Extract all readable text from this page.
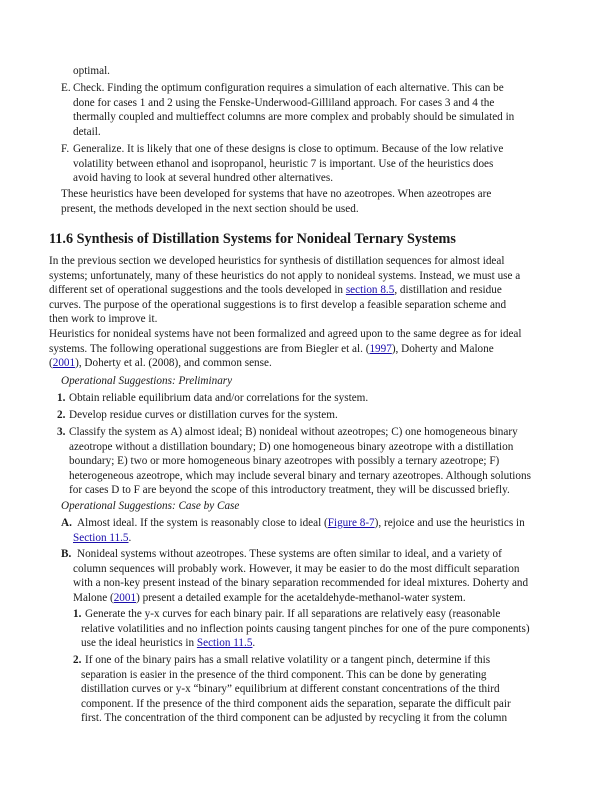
optimal.
E. Check. Finding the optimum configuration requires a simulation of each alternative. This can be
done for cases 1 and 2 using the Fenske-Underwood-Gilliland approach. For cases 3 and 4 the
thermally coupled and multieffect columns are more complex and probably should be simulated in
detail.
F. Generalize. It is likely that one of these designs is close to optimum. Because of the low relative
volatility between ethanol and isopropanol, heuristic 7 is important. Use of the heuristics does
avoid having to look at several hundred other alternatives.
These heuristics have been developed for systems that have no azeotropes. When azeotropes are
present, the methods developed in the next section should be used.
11.6 Synthesis of Distillation Systems for Nonideal Ternary Systems
In the previous section we developed heuristics for synthesis of distillation sequences for almost ideal
systems; unfortunately, many of these heuristics do not apply to nonideal systems. Instead, we must use a
different set of operational suggestions and the tools developed in section 8.5, distillation and residue
curves. The purpose of the operational suggestions is to first develop a feasible separation scheme and
then work to improve it.
Heuristics for nonideal systems have not been formalized and agreed upon to the same degree as for ideal
systems. The following operational suggestions are from Biegler et al. (1997), Doherty and Malone
(2001), Doherty et al. (2008), and common sense.
Operational Suggestions: Preliminary
1. Obtain reliable equilibrium data and/or correlations for the system.
2. Develop residue curves or distillation curves for the system.
3. Classify the system as A) almost ideal; B) nonideal without azeotropes; C) one homogeneous binary
azeotrope without a distillation boundary; D) one homogeneous binary azeotrope with a distillation
boundary; E) two or more homogeneous binary azeotropes with possibly a ternary azeotrope; F)
heterogeneous azeotrope, which may include several binary and ternary azeotropes. Although solutions
for cases D to F are beyond the scope of this introductory treatment, they will be discussed briefly.
Operational Suggestions: Case by Case
A. Almost ideal. If the system is reasonably close to ideal (Figure 8-7), rejoice and use the heuristics in
Section 11.5.
B. Nonideal systems without azeotropes. These systems are often similar to ideal, and a variety of
column sequences will probably work. However, it may be easier to do the most difficult separation
with a non-key present instead of the binary separation recommended for ideal mixtures. Doherty and
Malone (2001) present a detailed example for the acetaldehyde-methanol-water system.
1. Generate the y-x curves for each binary pair. If all separations are relatively easy (reasonable
relative volatilities and no inflection points causing tangent pinches for one of the pure components)
use the ideal heuristics in Section 11.5.
2. If one of the binary pairs has a small relative volatility or a tangent pinch, determine if this
separation is easier in the presence of the third component. This can be done by generating
distillation curves or y-x “binary” equilibrium at different constant concentrations of the third
component. If the presence of the third component aids the separation, separate the difficult pair
first. The concentration of the third component can be adjusted by recycling it from the column
